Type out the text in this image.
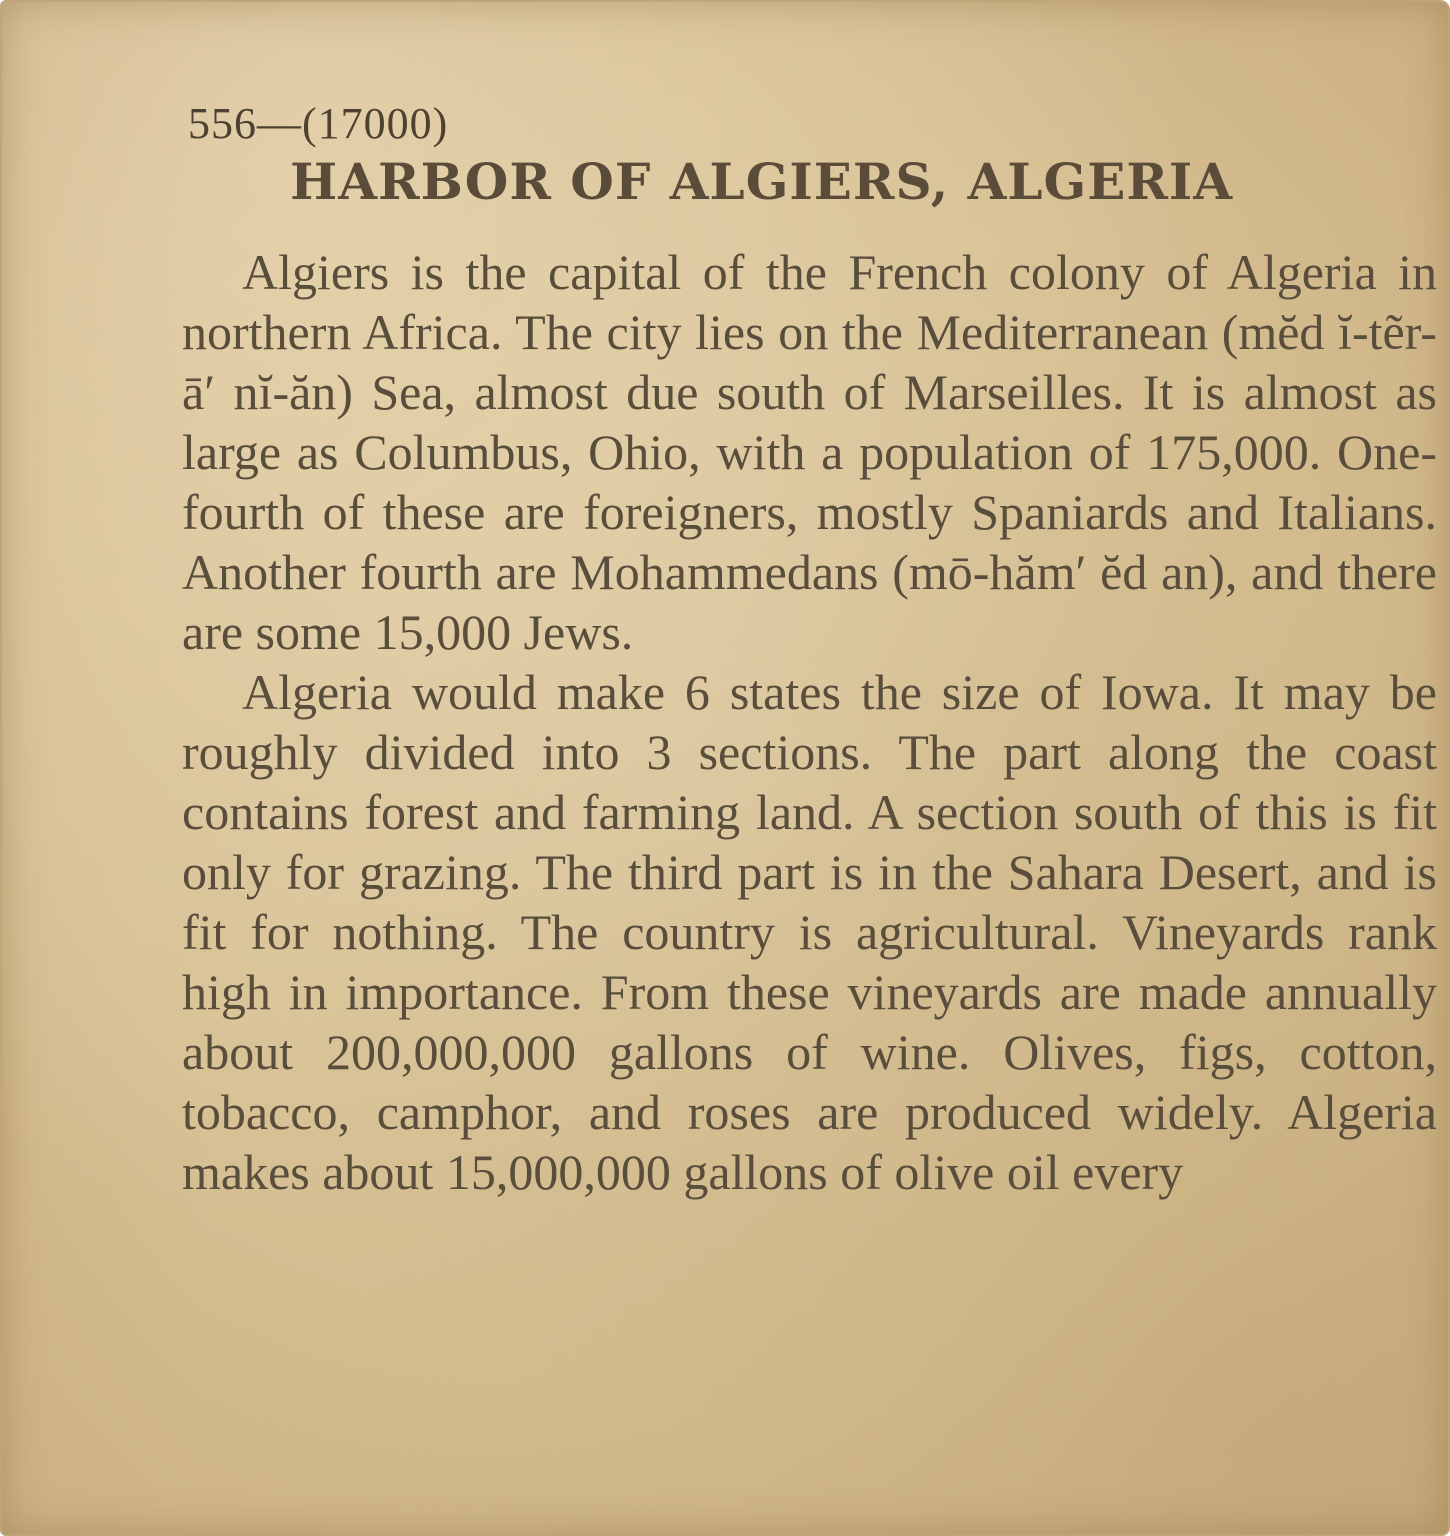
556—(17000)
HARBOR OF ALGIERS, ALGERIA

Algiers is the capital of the French colony of Algeria in northern Africa. The city lies on the Mediterranean (mĕd ĭ-tẽr-ā′ nĭ-ăn) Sea, almost due south of Marseilles. It is almost as large as Columbus, Ohio, with a population of 175,000. One-fourth of these are foreigners, mostly Spaniards and Italians. Another fourth are Mohammedans (mō-hăm′ ĕd an), and there are some 15,000 Jews.

Algeria would make 6 states the size of Iowa. It may be roughly divided into 3 sections. The part along the coast contains forest and farming land. A section south of this is fit only for grazing. The third part is in the Sahara Desert, and is fit for nothing. The country is agricultural. Vineyards rank high in importance. From these vineyards are made annually about 200,000,000 gallons of wine. Olives, figs, cotton, tobacco, camphor, and roses are produced widely. Algeria makes about 15,000,000 gallons of olive oil every
